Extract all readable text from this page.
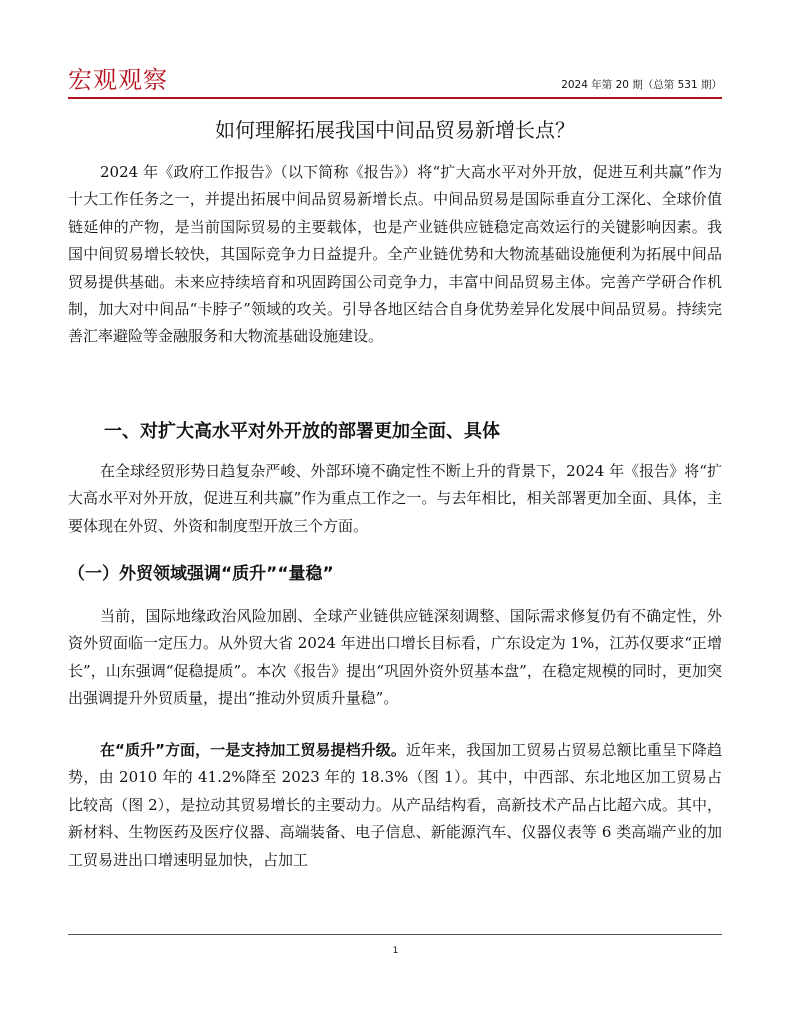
宏观观察	2024 年第 20 期（总第 531 期）
如何理解拓展我国中间品贸易新增长点？

2024 年《政府工作报告》（以下简称《报告》）将“扩大高水平对外开放，促进互利共赢”作为十大工作任务之一，并提出拓展中间品贸易新增长点。中间品贸易是国际垂直分工深化、全球价值链延伸的产物，是当前国际贸易的主要载体，也是产业链供应链稳定高效运行的关键影响因素。我国中间贸易增长较快，其国际竞争力日益提升。全产业链优势和大物流基础设施便利为拓展中间品贸易提供基础。未来应持续培育和巩固跨国公司竞争力，丰富中间品贸易主体。完善产学研合作机制，加大对中间品“卡脖子”领域的攻关。引导各地区结合自身优势差异化发展中间品贸易。持续完善汇率避险等金融服务和大物流基础设施建设。

一、对扩大高水平对外开放的部署更加全面、具体

在全球经贸形势日趋复杂严峻、外部环境不确定性不断上升的背景下，2024 年《报告》将“扩大高水平对外开放，促进互利共赢”作为重点工作之一。与去年相比，相关部署更加全面、具体，主要体现在外贸、外资和制度型开放三个方面。

（一）外贸领域强调“质升”“量稳”

当前，国际地缘政治风险加剧、全球产业链供应链深刻调整、国际需求修复仍有不确定性，外资外贸面临一定压力。从外贸大省 2024 年进出口增长目标看，广东设定为 1%，江苏仅要求“正增长”，山东强调“促稳提质”。本次《报告》提出“巩固外资外贸基本盘”，在稳定规模的同时，更加突出强调提升外贸质量，提出“推动外贸质升量稳”。

在“质升”方面，一是支持加工贸易提档升级。近年来，我国加工贸易占贸易总额比重呈下降趋势，由 2010 年的 41.2%降至 2023 年的 18.3%（图 1）。其中，中西部、东北地区加工贸易占比较高（图 2），是拉动其贸易增长的主要动力。从产品结构看，高新技术产品占比超六成。其中，新材料、生物医药及医疗仪器、高端装备、电子信息、新能源汽车、仪器仪表等 6 类高端产业的加工贸易进出口增速明显加快，占加工

1
